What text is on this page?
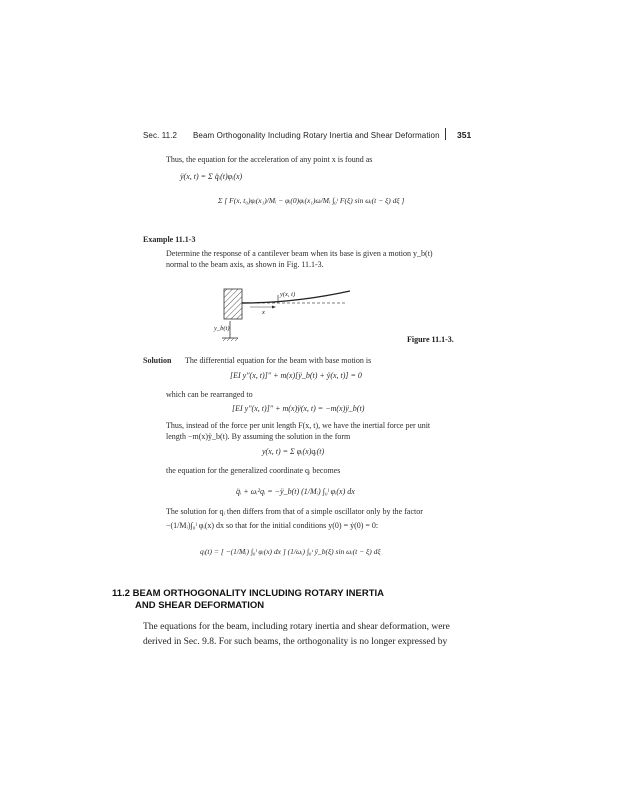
Sec. 11.2 Beam Orthogonality Including Rotary Inertia and Shear Deformation 351
Thus, the equation for the acceleration of any point x is found as
ÿ(x, t) = Σ q̈ᵢ(t)φᵢ(x)
Σ [ F(x, t₀)φᵢ(x₁)/Mᵢ − φᵢ(0)φᵢ(x₁)ω/Mᵢ ∫₀ᵗ F(ξ) sin ωᵢ(t − ξ) dξ ]
Example 11.1-3
Determine the response of a cantilever beam when its base is given a motion y_b(t)
normal to the beam axis, as shown in Fig. 11.1-3.
y(x, t)
x
y_b(t)
Figure 11.1-3.
Solution The differential equation for the beam with base motion is
[EI y″(x, t)]″ + m(x)[ÿ_b(t) + ÿ(x, t)] = 0
which can be rearranged to
[EI y″(x, t)]″ + m(x)ÿ(x, t) = −m(x)ÿ_b(t)
Thus, instead of the force per unit length F(x, t), we have the inertial force per unit
length −m(x)ÿ_b(t). By assuming the solution in the form
y(x, t) = Σ φᵢ(x)qᵢ(t)
the equation for the generalized coordinate qᵢ becomes
q̈ᵢ + ωᵢ²qᵢ = −ÿ_b(t) (1/Mᵢ) ∫₀ˡ φᵢ(x) dx
The solution for qᵢ then differs from that of a simple oscillator only by the factor
−(1/Mᵢ)∫₀ˡ φᵢ(x) dx so that for the initial conditions y(0) = ẏ(0) = 0:
qᵢ(t) = [ −(1/Mᵢ) ∫₀ˡ φᵢ(x) dx ] (1/ωᵢ) ∫₀ᵗ ÿ_b(ξ) sin ωᵢ(t − ξ) dξ
11.2 BEAM ORTHOGONALITY INCLUDING ROTARY INERTIA
AND SHEAR DEFORMATION
The equations for the beam, including rotary inertia and shear deformation, were
derived in Sec. 9.8. For such beams, the orthogonality is no longer expressed by
